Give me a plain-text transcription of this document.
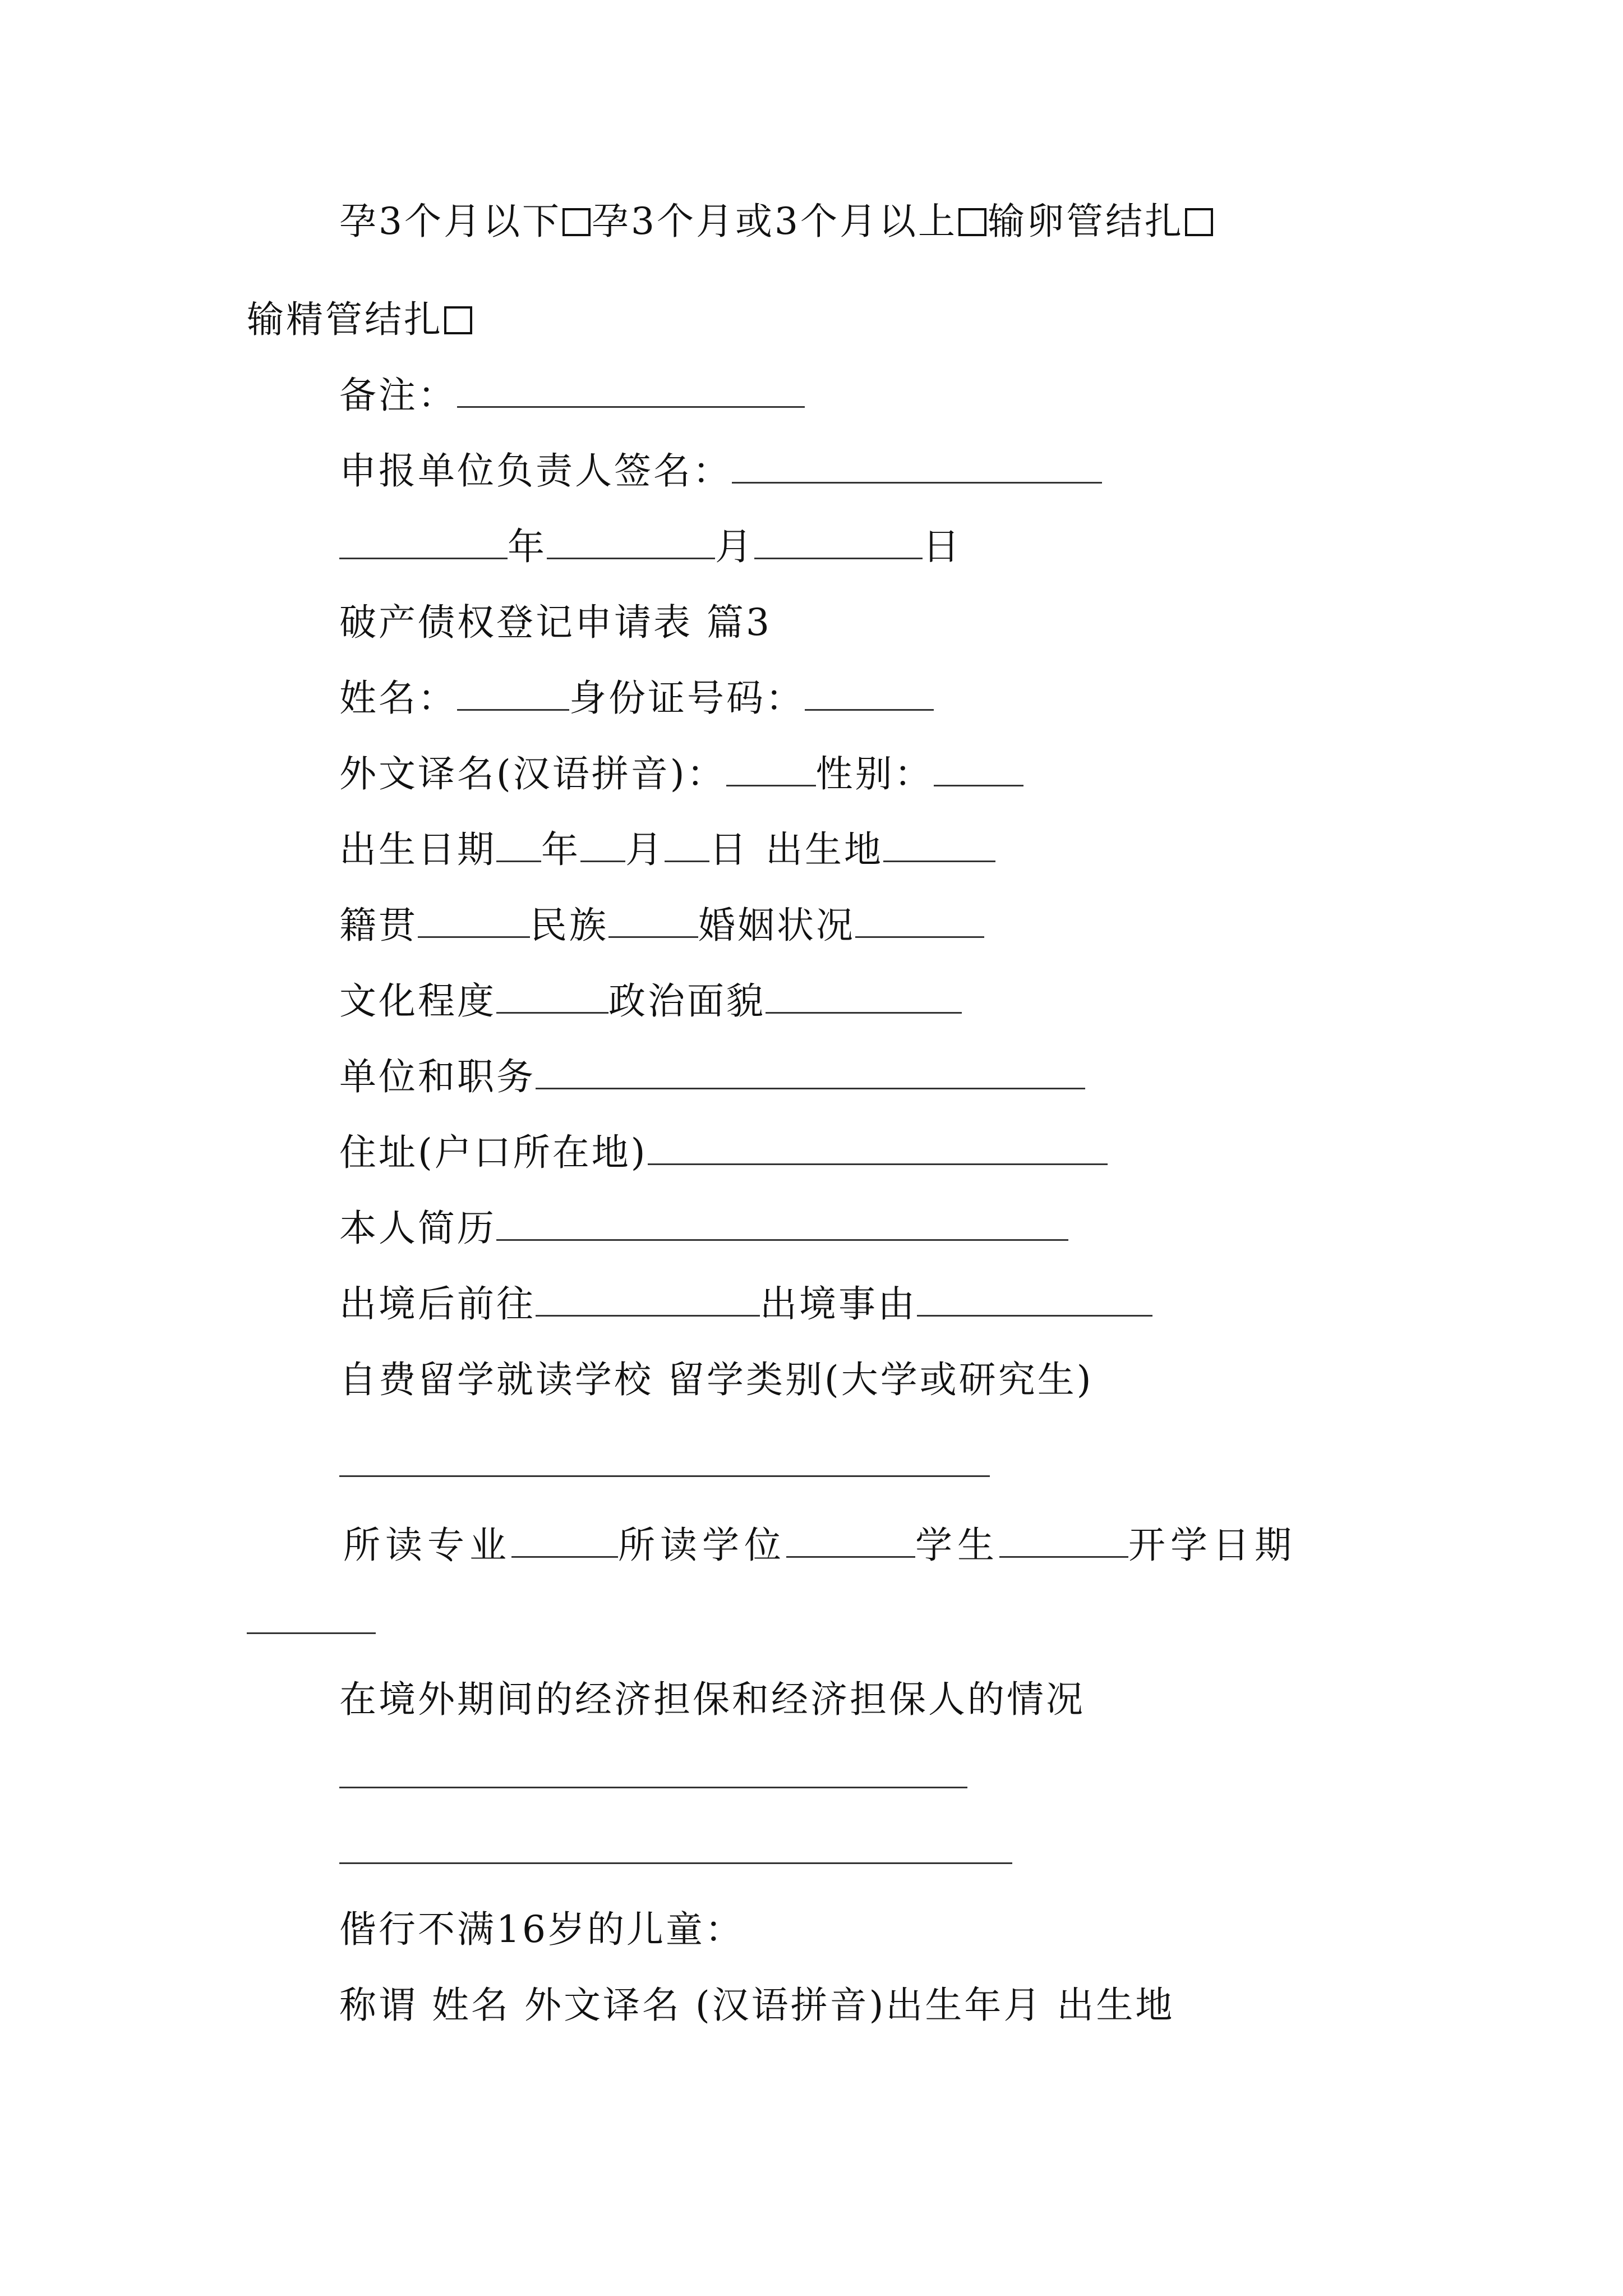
孕3个月以下 孕3个月或3个月以上 输卵管结扎
输精管结扎
备注：
申报单位负责人签名：
年	月	日
破产债权登记申请表 篇3
姓名：	身份证号码：
外文译名(汉语拼音)： 性别：
出生日期 年 月 日 出生地
籍贯	民族 婚姻状况
文化程度	政治面貌
单位和职务
住址(户口所在地)
本人简历
出境后前往	出境事由
自费留学就读学校 留学类别(大学或研究生)
所读专业	所读学位	学生	开学日期
在境外期间的经济担保和经济担保人的情况
偕行不满16岁的儿童：
称谓 姓名 外文译名 (汉语拼音)出生年月 出生地
